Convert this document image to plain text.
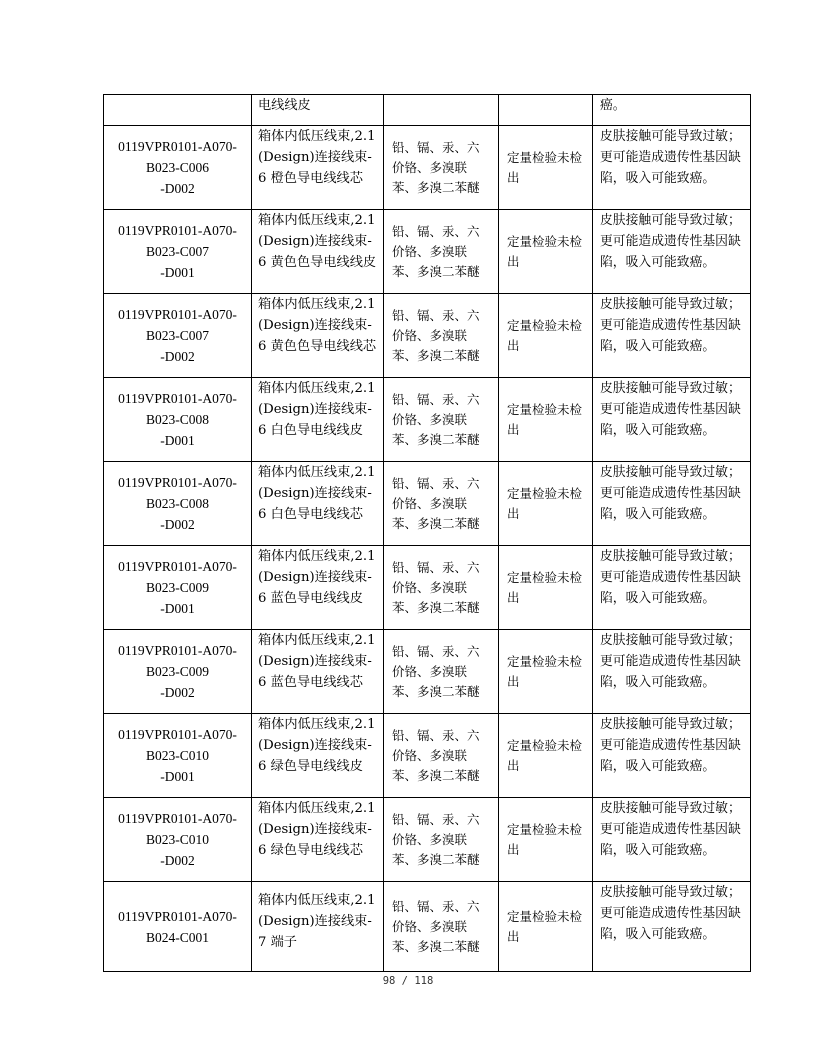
	电线线皮			癌。

0119VPR0101-A070-
B023-C006
-D002	箱体内低压线束,2.1 (Design)连接线束-6 橙色导电线线芯	铅、镉、汞、六价铬、多溴联苯、多溴二苯醚	定量检验未检出	皮肤接触可能导致过敏；更可能造成遗传性基因缺陷，吸入可能致癌。

0119VPR0101-A070-
B023-C007
-D001	箱体内低压线束,2.1 (Design)连接线束-6 黄色色导电线线皮	铅、镉、汞、六价铬、多溴联苯、多溴二苯醚	定量检验未检出	皮肤接触可能导致过敏；更可能造成遗传性基因缺陷，吸入可能致癌。

0119VPR0101-A070-
B023-C007
-D002	箱体内低压线束,2.1 (Design)连接线束-6 黄色色导电线线芯	铅、镉、汞、六价铬、多溴联苯、多溴二苯醚	定量检验未检出	皮肤接触可能导致过敏；更可能造成遗传性基因缺陷，吸入可能致癌。

0119VPR0101-A070-
B023-C008
-D001	箱体内低压线束,2.1 (Design)连接线束-6 白色导电线线皮	铅、镉、汞、六价铬、多溴联苯、多溴二苯醚	定量检验未检出	皮肤接触可能导致过敏；更可能造成遗传性基因缺陷，吸入可能致癌。

0119VPR0101-A070-
B023-C008
-D002	箱体内低压线束,2.1 (Design)连接线束-6 白色导电线线芯	铅、镉、汞、六价铬、多溴联苯、多溴二苯醚	定量检验未检出	皮肤接触可能导致过敏；更可能造成遗传性基因缺陷，吸入可能致癌。

0119VPR0101-A070-
B023-C009
-D001	箱体内低压线束,2.1 (Design)连接线束-6 蓝色导电线线皮	铅、镉、汞、六价铬、多溴联苯、多溴二苯醚	定量检验未检出	皮肤接触可能导致过敏；更可能造成遗传性基因缺陷，吸入可能致癌。

0119VPR0101-A070-
B023-C009
-D002	箱体内低压线束,2.1 (Design)连接线束-6 蓝色导电线线芯	铅、镉、汞、六价铬、多溴联苯、多溴二苯醚	定量检验未检出	皮肤接触可能导致过敏；更可能造成遗传性基因缺陷，吸入可能致癌。

0119VPR0101-A070-
B023-C010
-D001	箱体内低压线束,2.1 (Design)连接线束-6 绿色导电线线皮	铅、镉、汞、六价铬、多溴联苯、多溴二苯醚	定量检验未检出	皮肤接触可能导致过敏；更可能造成遗传性基因缺陷，吸入可能致癌。

0119VPR0101-A070-
B023-C010
-D002	箱体内低压线束,2.1 (Design)连接线束-6 绿色导电线线芯	铅、镉、汞、六价铬、多溴联苯、多溴二苯醚	定量检验未检出	皮肤接触可能导致过敏；更可能造成遗传性基因缺陷，吸入可能致癌。

0119VPR0101-A070-
B024-C001	箱体内低压线束,2.1 (Design)连接线束-7 端子	铅、镉、汞、六价铬、多溴联苯、多溴二苯醚	定量检验未检出	皮肤接触可能导致过敏；更可能造成遗传性基因缺陷，吸入可能致癌。
98 / 118
